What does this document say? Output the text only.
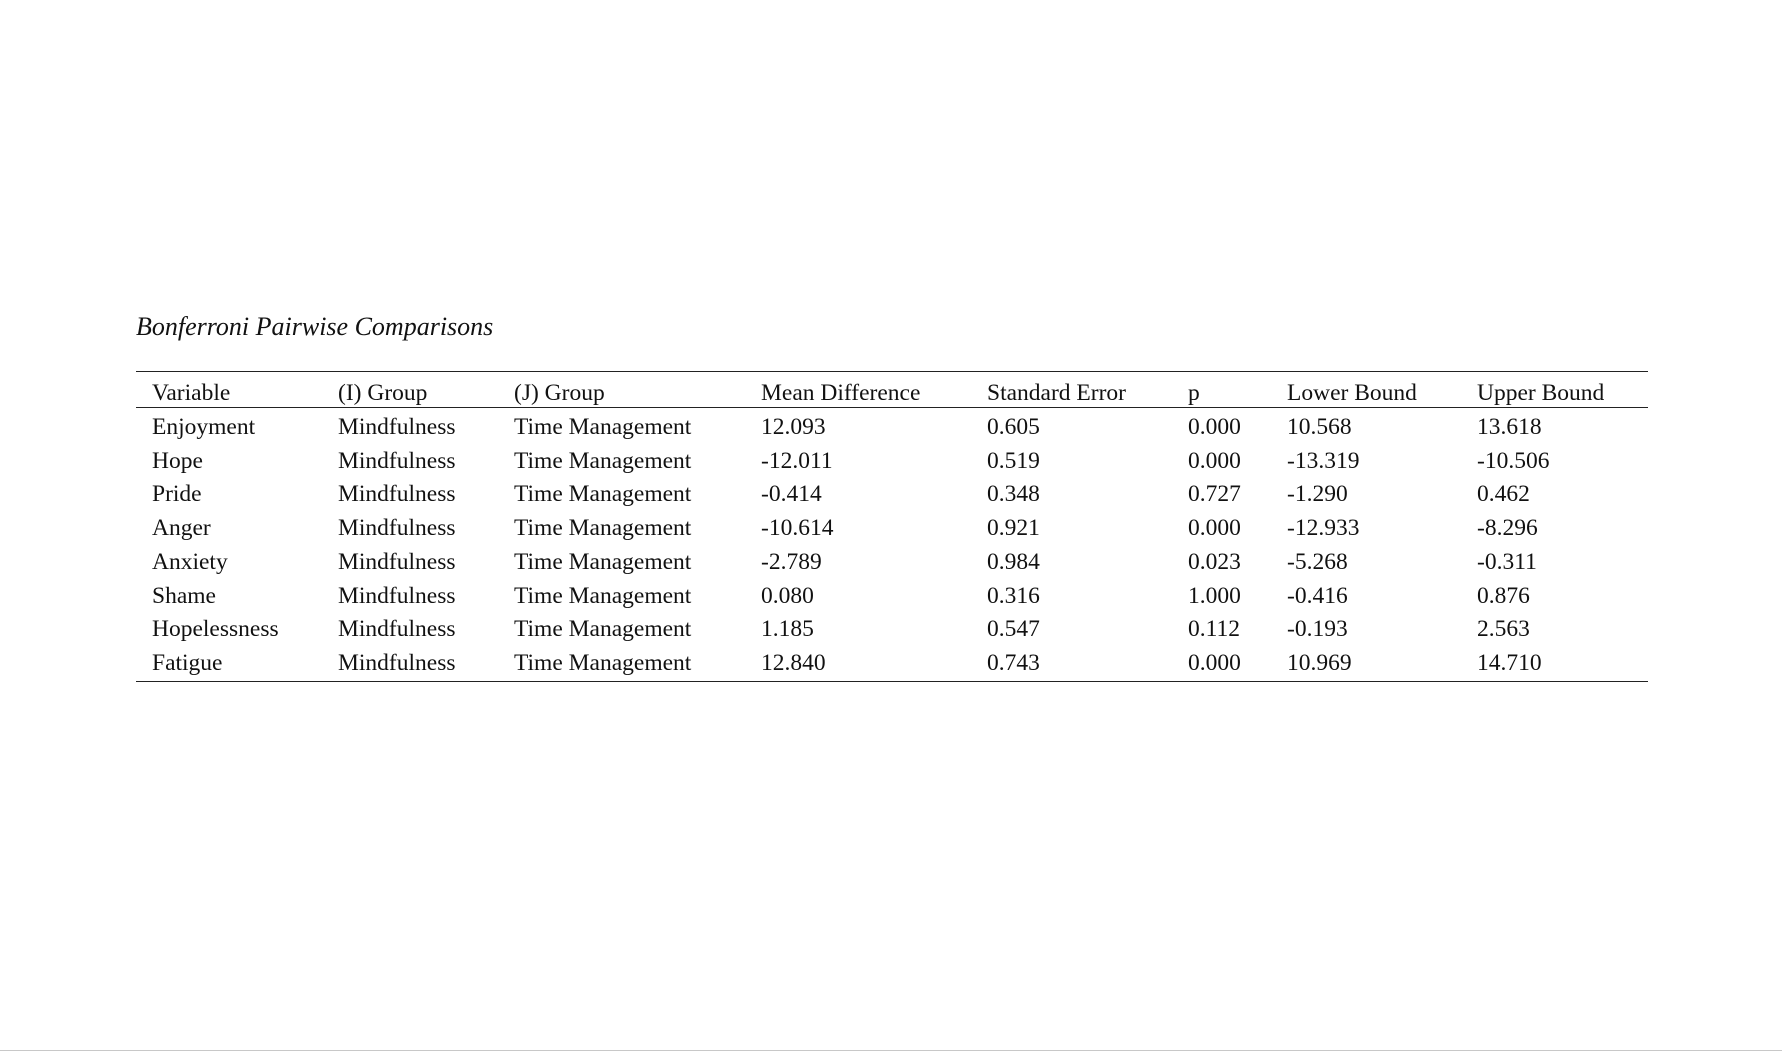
Bonferroni Pairwise Comparisons
Variable	(I) Group	(J) Group	Mean Difference	Standard Error	p	Lower Bound	Upper Bound
Enjoyment	Mindfulness	Time Management	12.093	0.605	0.000	10.568	13.618
Hope	Mindfulness	Time Management	-12.011	0.519	0.000	-13.319	-10.506
Pride	Mindfulness	Time Management	-0.414	0.348	0.727	-1.290	0.462
Anger	Mindfulness	Time Management	-10.614	0.921	0.000	-12.933	-8.296
Anxiety	Mindfulness	Time Management	-2.789	0.984	0.023	-5.268	-0.311
Shame	Mindfulness	Time Management	0.080	0.316	1.000	-0.416	0.876
Hopelessness	Mindfulness	Time Management	1.185	0.547	0.112	-0.193	2.563
Fatigue	Mindfulness	Time Management	12.840	0.743	0.000	10.969	14.710
